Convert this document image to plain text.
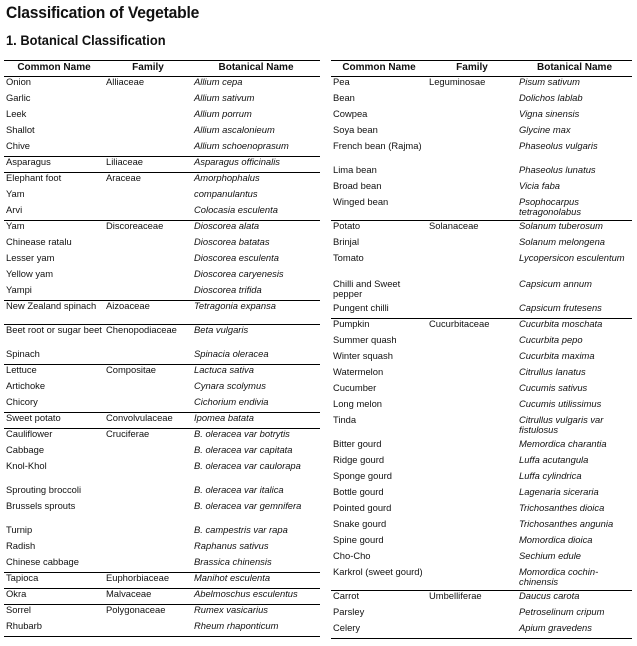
Classification of Vegetable
1. Botanical Classification
Common Name	Family	Botanical Name
Onion	Alliaceae	Allium cepa
Garlic		Allium sativum
Leek		Allium porrum
Shallot		Allium ascalonieum
Chive		Allium schoenoprasum
Asparagus	Liliaceae	Asparagus officinalis
Elephant foot	Araceae	Amorphophalus
Yam		companulantus
Arvi		Colocasia esculenta
Yam	Discoreaceae	Dioscorea alata
Chinease ratalu		Dioscorea batatas
Lesser yam		Dioscorea esculenta
Yellow yam		Dioscorea caryenesis
Yampi		Dioscorea trifida

New Zealand spinach	Aizoaceae	Tetragonia expansa

Beet root or sugar beet	Chenopodiaceae	Beta vulgaris

Spinach		Spinacia oleracea
Lettuce	Compositae	Lactuca sativa
Artichoke		Cynara scolymus
Chicory		Cichorium endivia
Sweet potato	Convolvulaceae	Ipomea batata
Cauliflower	Cruciferae	B. oleracea var botrytis
Cabbage		B. oleracea var capitata

Knol-Khol		B. oleracea var caulorapa

Sprouting broccoli		B. oleracea var italica

Brussels sprouts		B. oleracea var gemnifera

Turnip		B. campestris var rapa
Radish		Raphanus sativus
Chinese cabbage		Brassica chinensis
Tapioca	Euphorbiaceae	Manihot esculenta
Okra	Malvaceae	Abelmoschus esculentus
Sorrel	Polygonaceae	Rumex vasicarius
Rhubarb		Rheum rhaponticum
Common Name	Family	Botanical Name
Pea	Leguminosae	Pisum sativum
Bean		Dolichos lablab
Cowpea		Vigna sinensis
Soya bean		Glycine max

French bean (Rajma)		Phaseolus vulgaris

Lima bean		Phaseolus lunatus
Broad bean		Vicia faba

Winged bean		Psophocarpus tetragonolabus

Potato	Solanaceae	Solanum tuberosum
Brinjal		Solanum melongena

Tomato		Lycopersicon esculentum

Chilli and Sweet pepper		Capsicum annum

Pungent chilli		Capsicum frutesens
Pumpkin	Cucurbitaceae	Cucurbita moschata
Summer quash		Cucurbita pepo
Winter squash		Cucurbita maxima
Watermelon		Citrullus lanatus
Cucumber		Cucumis sativus
Long melon		Cucumis utilissimus

Tinda		Citrullus vulgaris var fistulosus

Bitter gourd		Memordica charantia
Ridge gourd		Luffa acutangula
Sponge gourd		Luffa cylindrica
Bottle gourd		Lagenaria siceraria
Pointed gourd		Trichosanthes dioica
Snake gourd		Trichosanthes angunia
Spine gourd		Momordica dioica
Cho-Cho		Sechium edule

Karkrol (sweet gourd)		Momordica cochin-chinensis

Carrot	Umbelliferae	Daucus carota
Parsley		Petroselinum cripum
Celery		Apium gravedens
